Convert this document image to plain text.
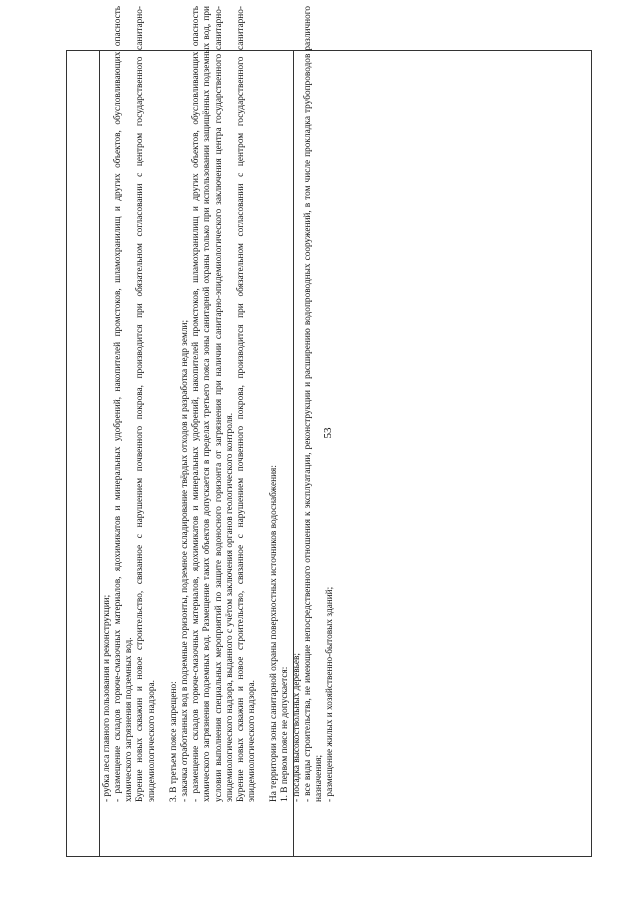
53

- рубка леса главного пользования и реконструкции; - размещение складов горюче-смазочных материалов, ядохимикатов и минеральных удобрений, накопителей промстоков, шламохранилищ и других объектов, обусловливающих опасность химического загрязнения подземных вод. Бурение новых скважин и новое строительство, связанное с нарушением почвенного покрова, производится при обязательном согласовании с центром государственного санитарно-эпидемиологического надзора. 3. В третьем поясе запрещено: - закачка отработанных вод в подземные горизонты, подземное складирование твёрдых отходов и разработка недр земли; - размещение складов горюче-смазочных материалов, ядохимикатов и минеральных удобрений, накопителей промстоков, шламохранилищ и других объектов, обусловливающих опасность химического загрязнения подземных вод. Размещение таких объектов допускается в пределах третьего пояса зоны санитарной охраны только при использовании защищённых подземных вод, при условии выполнения специальных мероприятий по защите водоносного горизонта от загрязнения при наличии санитарно-эпидемиологического заключения центра государственного санитарно-эпидемиологического надзора, выданного с учётом заключения органов геологического контроля. Бурение новых скважин и новое строительство, связанное с нарушением почвенного покрова, производится при обязательном согласовании с центром государственного санитарно-эпидемиологического надзора. На территории зоны санитарной охраны поверхностных источников водоснабжения: 1. В первом поясе не допускается: - посадка высокоствольных деревьев; - все виды строительства, не имеющие непосредственного отношения к эксплуатации, реконструкции и расширению водопроводных сооружений, в том числе прокладка трубопроводов различного назначения; - размещение жилых и хозяйственно-бытовых зданий;
